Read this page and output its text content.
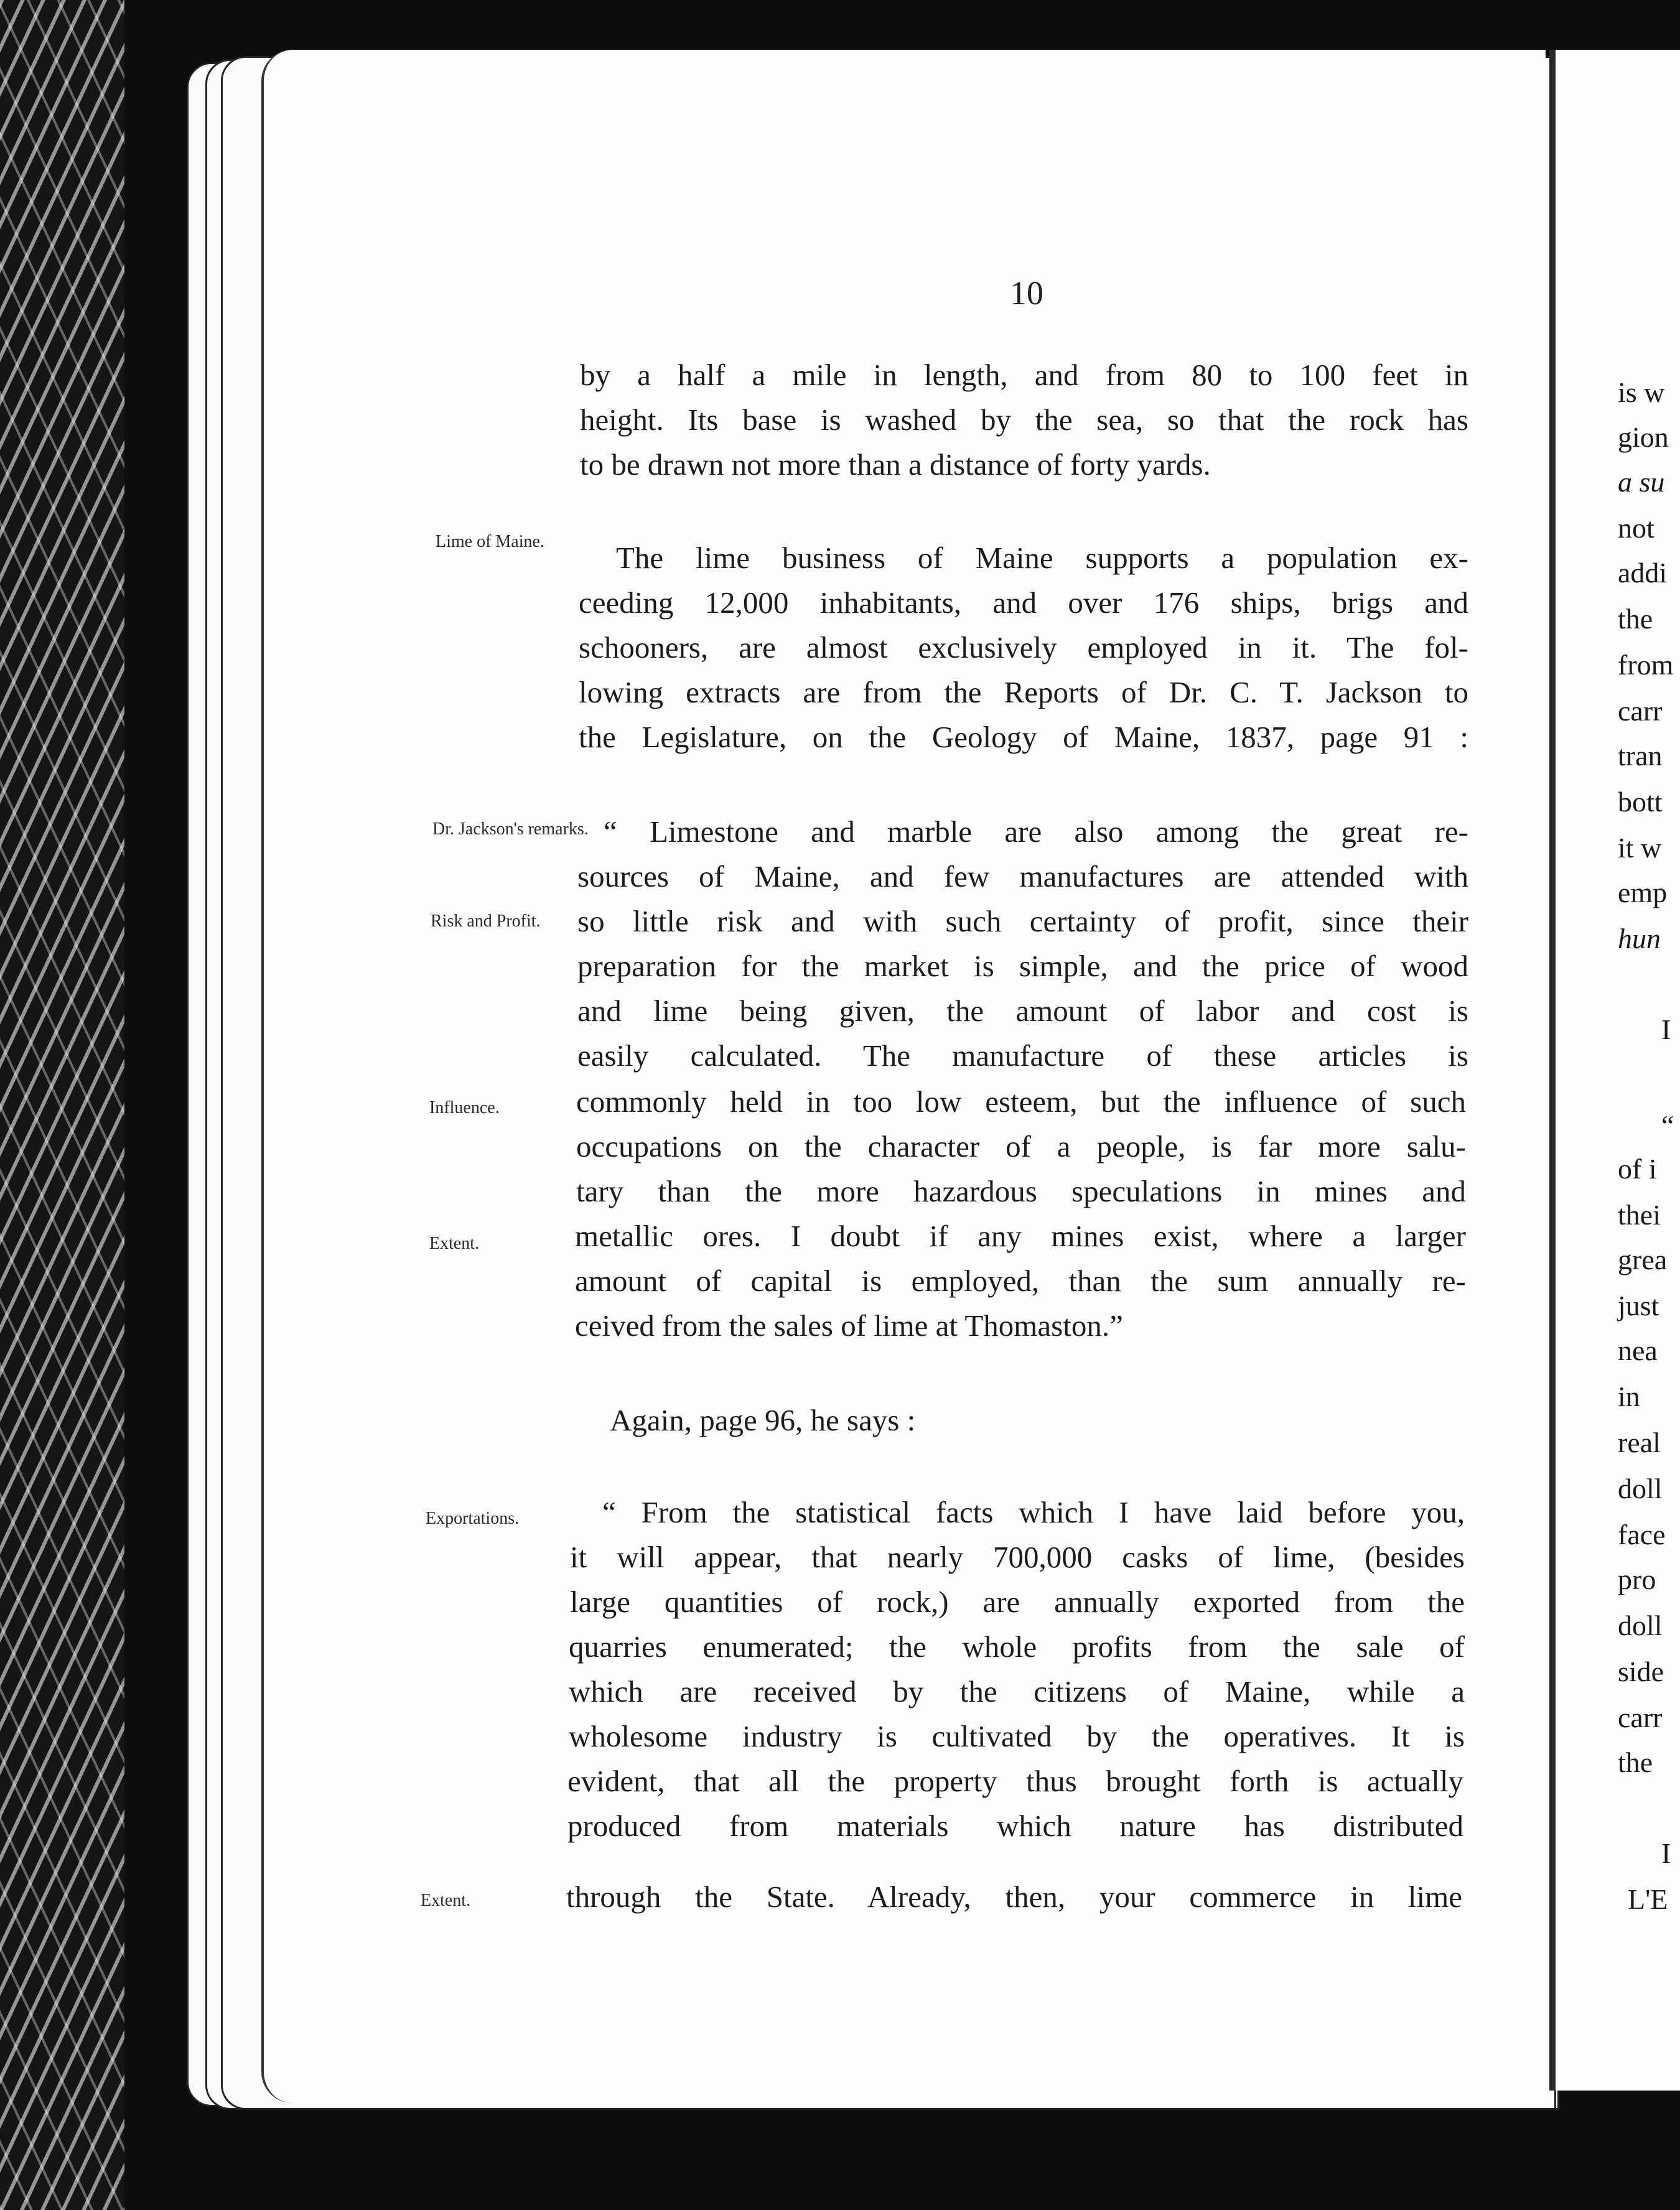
10
by a half a mile in length, and from 80 to 100 feet in
height. Its base is washed by the sea, so that the rock has
to be drawn not more than a distance of forty yards.
Lime of Maine. The lime business of Maine supports a population ex-
ceeding 12,000 inhabitants, and over 176 ships, brigs and
schooners, are almost exclusively employed in it. The fol-
lowing extracts are from the Reports of Dr. C. T. Jackson to
the Legislature, on the Geology of Maine, 1837, page 91 :
Dr. Jackson's remarks. “ Limestone and marble are also among the great re-
sources of Maine, and few manufactures are attended with
Risk and Profit. so little risk and with such certainty of profit, since their
preparation for the market is simple, and the price of wood
and lime being given, the amount of labor and cost is
easily calculated. The manufacture of these articles is
Influence.	commonly held in too low esteem, but the influence of such
occupations on the character of a people, is far more salu-
tary than the more hazardous speculations in mines and
Extent.	metallic ores. I doubt if any mines exist, where a larger
amount of capital is employed, than the sum annually re-
ceived from the sales of lime at Thomaston.”
Again, page 96, he says :
Exportations.	“ From the statistical facts which I have laid before you,
it will appear, that nearly 700,000 casks of lime, (besides
large quantities of rock,) are annually exported from the
quarries enumerated; the whole profits from the sale of
which are received by the citizens of Maine, while a
wholesome industry is cultivated by the operatives. It is
evident, that all the property thus brought forth is actually
produced from materials which nature has distributed
Extent.	through the State. Already, then, your commerce in lime
is w
gion
a su
not
addi
the
from
carr
tran
bott
it w
emp
hun
I
“
of i
thei
grea
just
nea
in
real
doll
face
pro
doll
side
carr
the
I
L'E
